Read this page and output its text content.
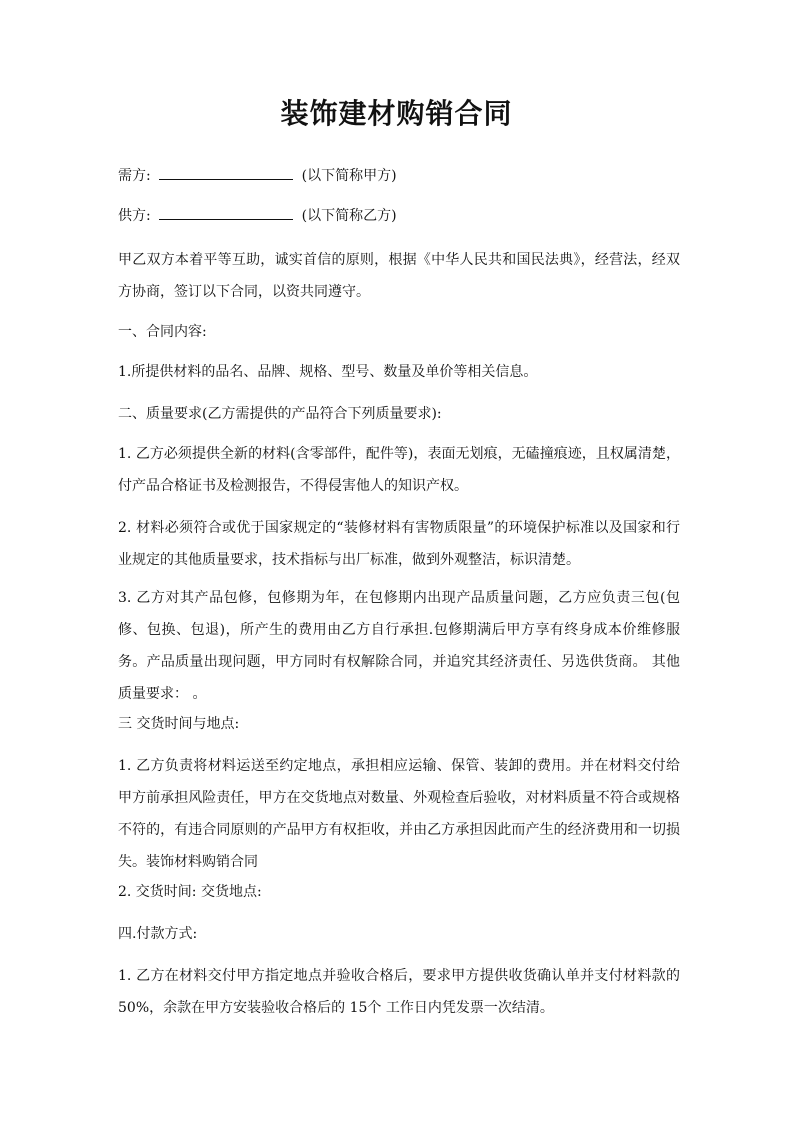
装饰建材购销合同
需方:	(以下简称甲方)
供方:	(以下简称乙方)
甲乙双方本着平等互助，诚实首信的原则，根据《中华人民共和国民法典》，经营法，经双方协商，签订以下合同，以资共同遵守。
一、合同内容:
1.所提供材料的品名、品牌、规格、型号、数量及单价等相关信息。
二、质量要求(乙方需提供的产品符合下列质量要求):
1. 乙方必须提供全新的材料(含零部件，配件等)，表面无划痕，无磕撞痕迹，且权属清楚，付产品合格证书及检测报告，不得侵害他人的知识产权。
2. 材料必须符合或优于国家规定的“装修材料有害物质限量”的环境保护标准以及国家和行业规定的其他质量要求，技术指标与出厂标准，做到外观整洁，标识清楚。
3. 乙方对其产品包修，包修期为年，在包修期内出现产品质量问题，乙方应负责三包(包修、包换、包退)，所产生的费用由乙方自行承担.包修期满后甲方享有终身成本价维修服务。产品质量出现问题，甲方同时有权解除合同，并追究其经济责任、另选供货商。 其他质量要求： 。
三 交货时间与地点:
1. 乙方负责将材料运送至约定地点，承担相应运输、保管、装卸的费用。并在材料交付给甲方前承担风险责任，甲方在交货地点对数量、外观检查后验收，对材料质量不符合或规格不符的，有违合同原则的产品甲方有权拒收，并由乙方承担因此而产生的经济费用和一切损失。装饰材料购销合同
2. 交货时间: 交货地点:
四.付款方式:
1. 乙方在材料交付甲方指定地点并验收合格后，要求甲方提供收货确认单并支付材料款的 50%，余款在甲方安装验收合格后的 15个 工作日内凭发票一次结清。
